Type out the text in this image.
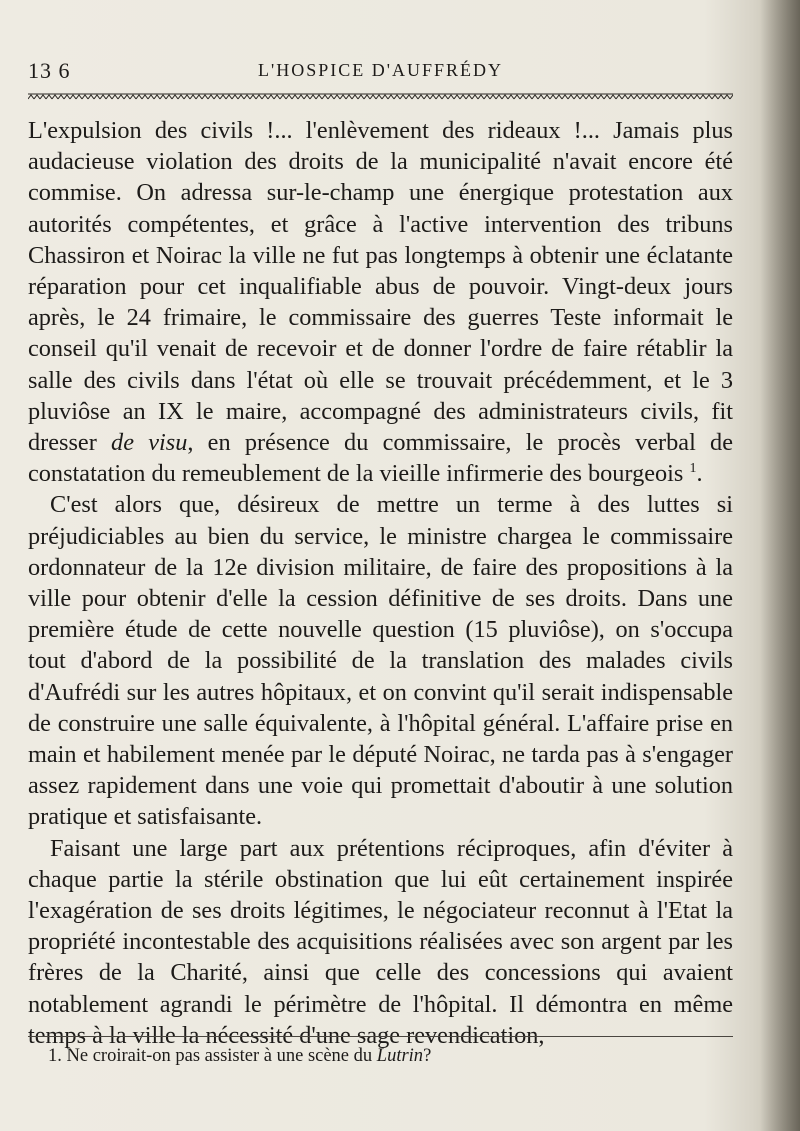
13 6	L'HOSPICE D'AUFFRÉDY

L'expulsion des civils !... l'enlèvement des rideaux !... Jamais plus audacieuse violation des droits de la municipalité n'avait encore été commise. On adressa sur-le-champ une énergique protestation aux autorités compétentes, et grâce à l'active intervention des tribuns Chassiron et Noirac la ville ne fut pas longtemps à obtenir une éclatante réparation pour cet inqualifiable abus de pouvoir. Vingt-deux jours après, le 24 frimaire, le commissaire des guerres Teste informait le conseil qu'il venait de recevoir et de donner l'ordre de faire rétablir la salle des civils dans l'état où elle se trouvait précédemment, et le 3 pluviôse an IX le maire, accompagné des administrateurs civils, fit dresser de visu, en présence du commissaire, le procès verbal de constatation du remeublement de la vieille infirmerie des bourgeois $^1$.

C'est alors que, désireux de mettre un terme à des luttes si préjudiciables au bien du service, le ministre chargea le commissaire ordonnateur de la 12e division militaire, de faire des propositions à la ville pour obtenir d'elle la cession définitive de ses droits. Dans une première étude de cette nouvelle question (15 pluviôse), on s'occupa tout d'abord de la possibilité de la translation des malades civils d'Aufrédi sur les autres hôpitaux, et on convint qu'il serait indispensable de construire une salle équivalente, à l'hôpital général. L'affaire prise en main et habilement menée par le député Noirac, ne tarda pas à s'engager assez rapidement dans une voie qui promettait d'aboutir à une solution pratique et satisfaisante.

Faisant une large part aux prétentions réciproques, afin d'éviter à chaque partie la stérile obstination que lui eût certainement inspirée l'exagération de ses droits légitimes, le négociateur reconnut à l'Etat la propriété incontestable des acquisitions réalisées avec son argent par les frères de la Charité, ainsi que celle des concessions qui avaient notablement agrandi le périmètre de l'hôpital. Il démontra en même temps à la ville la nécessité d'une sage revendication,

1. Ne croirait-on pas assister à une scène du Lutrin?
